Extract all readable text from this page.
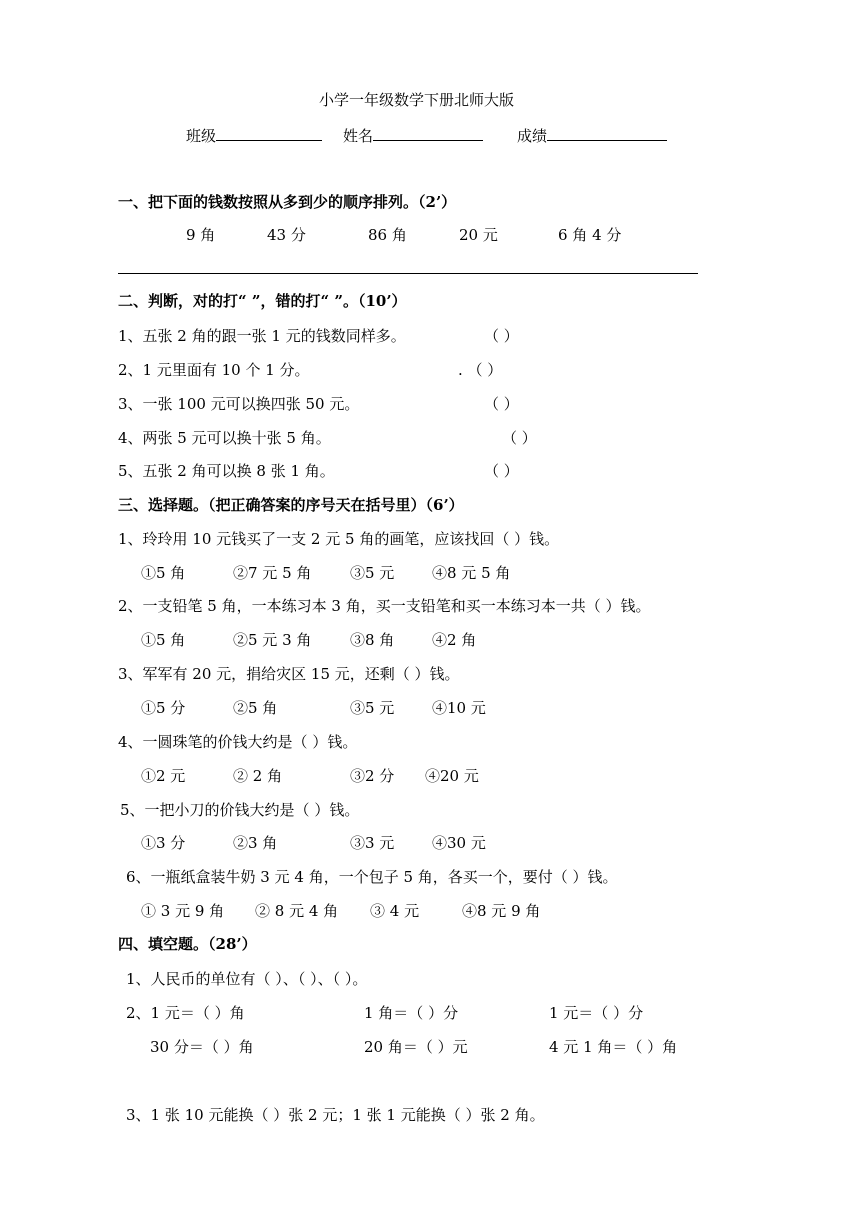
小学一年级数学下册北师大版
班级	姓名	成绩
一、把下面的钱数按照从多到少的顺序排列。（2’）
9 角	43 分	86 角	20 元	6 角 4 分
二、判断，对的打“ ”，错的打“ ”。（10’）
1、五张 2 角的跟一张 1 元的钱数同样多。	（ ）
2、1 元里面有 10 个 1 分。	. （ ）
3、一张 100 元可以换四张 50 元。	（ ）
4、两张 5 元可以换十张 5 角。	（ ）
5、五张 2 角可以换 8 张 1 角。	（ ）
三、选择题。（把正确答案的序号天在括号里）（6’）
1、玲玲用 10 元钱买了一支 2 元 5 角的画笔，应该找回（ ）钱。
①5 角	②7 元 5 角	③5 元	④8 元 5 角
2、一支铅笔 5 角，一本练习本 3 角，买一支铅笔和买一本练习本一共（ ）钱。
①5 角	②5 元 3 角	③8 角	④2 角
3、军军有 20 元，捐给灾区 15 元，还剩（ ）钱。
①5 分	②5 角	③5 元	④10 元
4、一圆珠笔的价钱大约是（ ）钱。
①2 元	② 2 角	③2 分 ④20 元
5、一把小刀的价钱大约是（ ）钱。
①3 分	②3 角	③3 元	④30 元
6、一瓶纸盒装牛奶 3 元 4 角，一个包子 5 角，各买一个，要付（ ）钱。
① 3 元 9 角 ② 8 元 4 角 ③ 4 元	④8 元 9 角
四、填空题。（28’）
1、人民币的单位有（ ）、（ ）、（ ）。
2、1 元＝（ ）角	1 角＝（ ）分	1 元＝（ ）分
30 分＝（ ）角	20 角＝（ ）元	4 元 1 角＝（ ）角
3、1 张 10 元能换（ ）张 2 元；1 张 1 元能换（ ）张 2 角。
